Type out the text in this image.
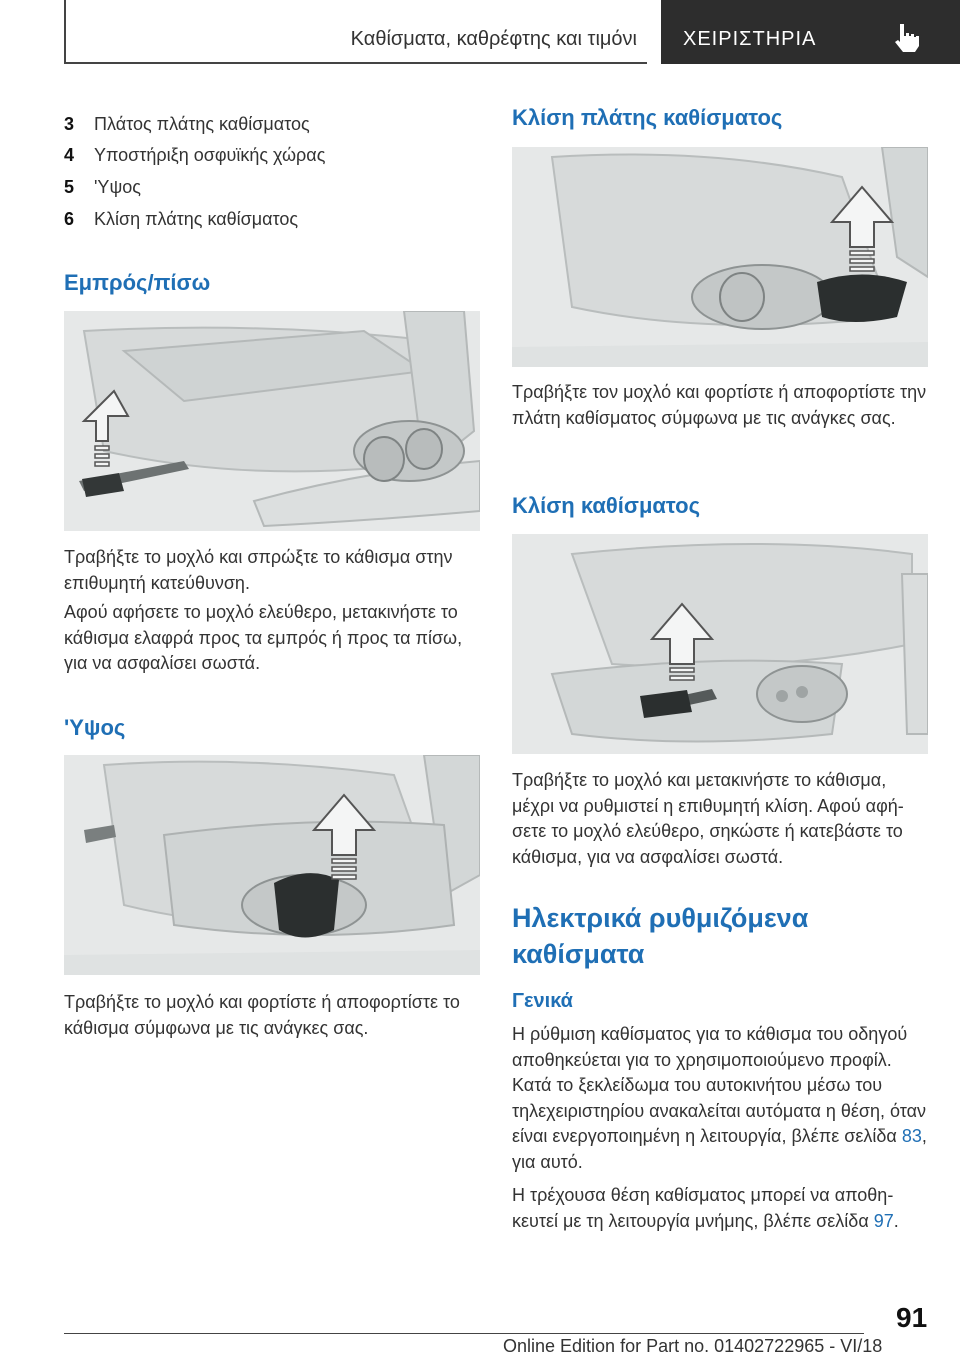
Καθίσματα, καθρέφτης και τιμόνι ΧΕΙΡΙΣΤΗΡΙΑ
3 Πλάτος πλάτης καθίσματος
4 Υποστήριξη οσφυϊκής χώρας
5 'Υψος
6 Κλίση πλάτης καθίσματος
Εμπρός/πίσω
Τραβήξτε το μοχλό και σπρώξτε το κάθισμα στην επιθυμητή κατεύθυνση.
Αφού αφήσετε το μοχλό ελεύθερο, μετακινήστε το κάθισμα ελαφρά προς τα εμπρός ή προς τα πίσω, για να ασφαλίσει σωστά.
'Υψος
Τραβήξτε το μοχλό και φορτίστε ή αποφορτίστε το κάθισμα σύμφωνα με τις ανάγκες σας.
Κλίση πλάτης καθίσματος
Τραβήξτε τον μοχλό και φορτίστε ή αποφορτίστε την πλάτη καθίσματος σύμφωνα με τις ανάγκες σας.
Κλίση καθίσματος
Τραβήξτε το μοχλό και μετακινήστε το κάθισμα, μέχρι να ρυθμιστεί η επιθυμητή κλίση. Αφού αφήσετε το μοχλό ελεύθερο, σηκώστε ή κατεβάστε το κάθισμα, για να ασφαλίσει σωστά.
Ηλεκτρικά ρυθμιζόμενα καθίσματα
Γενικά
Η ρύθμιση καθίσματος για το κάθισμα του οδηγού αποθηκεύεται για το χρησιμοποιούμενο προφίλ. Κατά το ξεκλείδωμα του αυτοκινήτου μέσω του τηλεχειριστηρίου ανακαλείται αυτόματα η θέση, όταν είναι ενεργοποιημένη η λειτουργία, βλέπε σελίδα 83, για αυτό.
Η τρέχουσα θέση καθίσματος μπορεί να αποθηκευτεί με τη λειτουργία μνήμης, βλέπε σελίδα 97.
91
Online Edition for Part no. 01402722965 - VI/18
